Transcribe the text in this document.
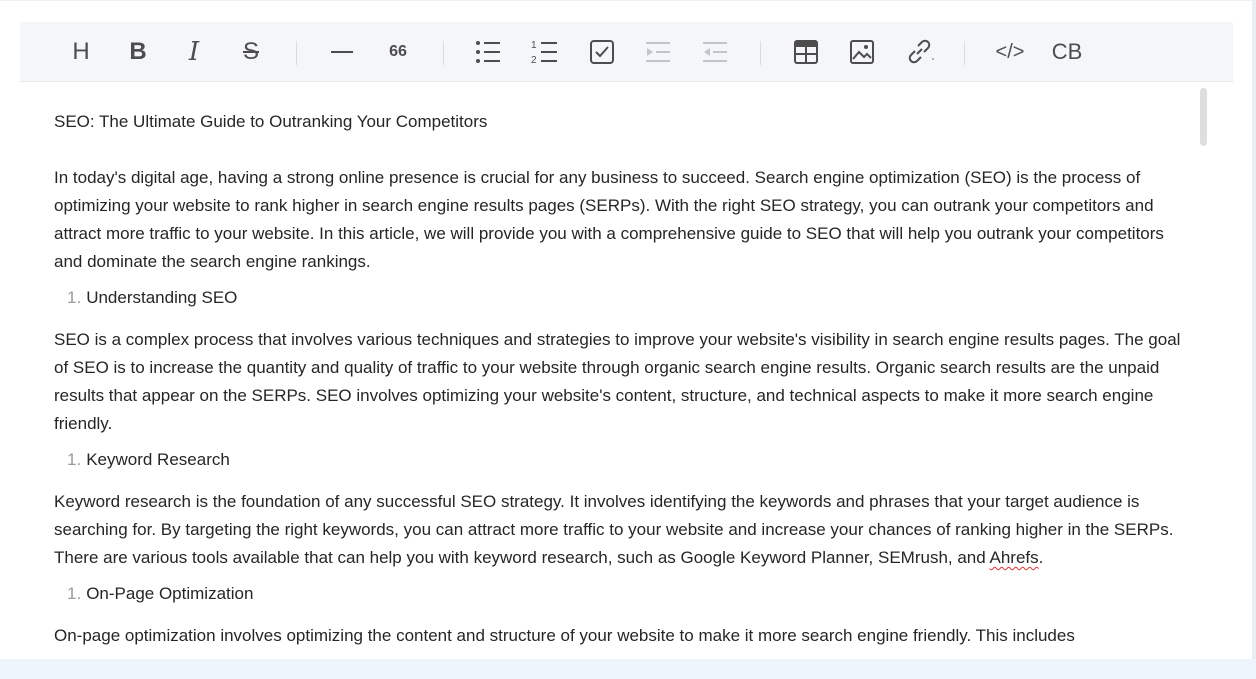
H B I S	66	1
2	</> CB
SEO: The Ultimate Guide to Outranking Your Competitors

In today's digital age, having a strong online presence is crucial for any business to succeed. Search engine optimization (SEO) is the process of optimizing your website to rank higher in search engine results pages (SERPs). With the right SEO strategy, you can outrank your competitors and attract more traffic to your website. In this article, we will provide you with a comprehensive guide to SEO that will help you outrank your competitors and dominate the search engine rankings.

1. Understanding SEO

SEO is a complex process that involves various techniques and strategies to improve your website's visibility in search engine results pages. The goal of SEO is to increase the quantity and quality of traffic to your website through organic search engine results. Organic search results are the unpaid results that appear on the SERPs. SEO involves optimizing your website's content, structure, and technical aspects to make it more search engine friendly.

1. Keyword Research

Keyword research is the foundation of any successful SEO strategy. It involves identifying the keywords and phrases that your target audience is searching for. By targeting the right keywords, you can attract more traffic to your website and increase your chances of ranking higher in the SERPs. There are various tools available that can help you with keyword research, such as Google Keyword Planner, SEMrush, and Ahrefs.

1. On-Page Optimization

On-page optimization involves optimizing the content and structure of your website to make it more search engine friendly. This includes
